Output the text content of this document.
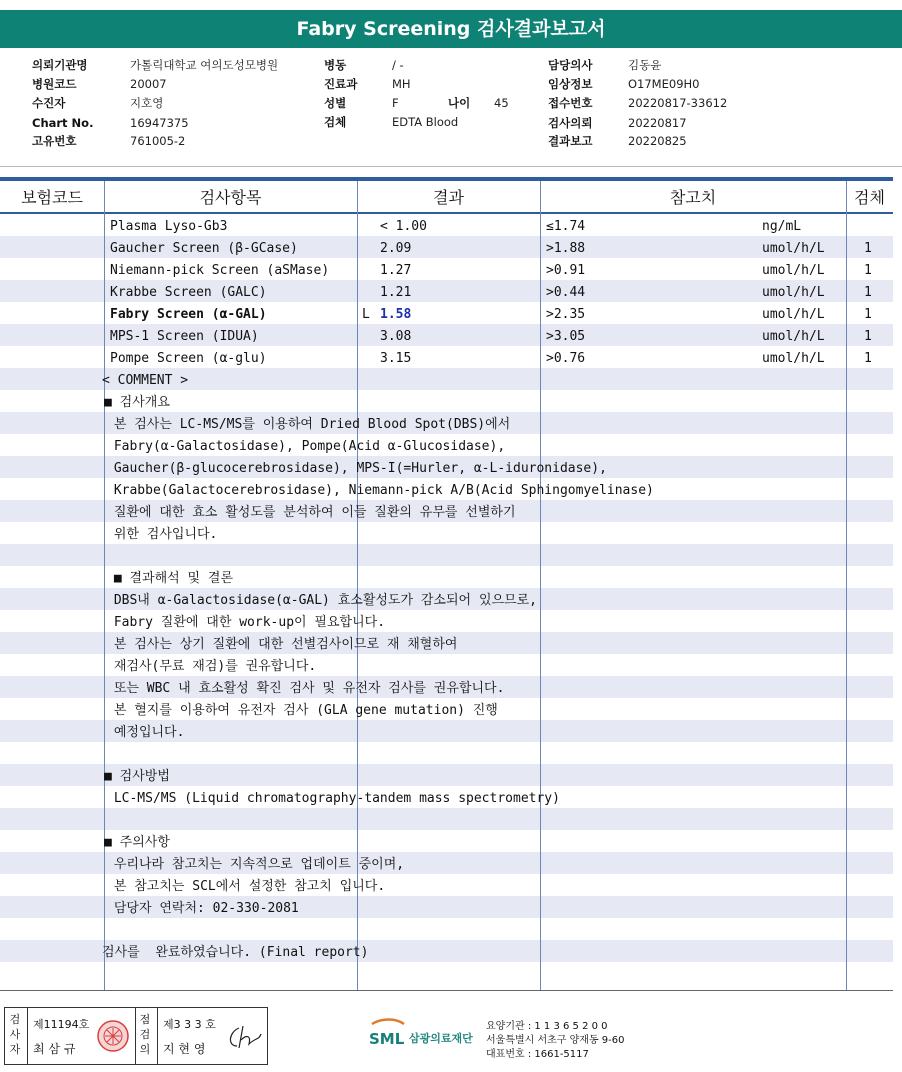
Fabry Screening 검사결과보고서
의뢰기관명	가톨릭대학교 여의도성모병원
병원코드	20007
수진자	지호영
Chart No.	16947375
고유번호	761005-2
병동	/ -
진료과	MH
성별	F	나이 45
검체	EDTA Blood
담당의사	김동윤
임상정보	O17ME09H0
접수번호	20220817-33612
검사의뢰	20220817
결과보고	20220825
보험코드	검사항목	결과	참고치	검체
Plasma Lyso-Gb3	< 1.00	≤1.74	ng/mL
Gaucher Screen (β-GCase)	2.09	>1.88	umol/h/L	1
Niemann-pick Screen (aSMase)	1.27	>0.91	umol/h/L	1
Krabbe Screen (GALC)	1.21	>0.44	umol/h/L	1
Fabry Screen (α-GAL)	L 1.58	>2.35	umol/h/L	1
MPS-1 Screen (IDUA)	3.08	>3.05	umol/h/L	1
Pompe Screen (α-glu)	3.15	>0.76	umol/h/L	1
< COMMENT >
■ 검사개요
본 검사는 LC-MS/MS를 이용하여 Dried Blood Spot(DBS)에서
Fabry(α-Galactosidase), Pompe(Acid α-Glucosidase),
Gaucher(β-glucocerebrosidase), MPS-I(=Hurler, α-L-iduronidase),
Krabbe(Galactocerebrosidase), Niemann-pick A/B(Acid Sphingomyelinase)
질환에 대한 효소 활성도를 분석하여 이들 질환의 유무를 선별하기
위한 검사입니다.
■ 결과해석 및 결론
DBS내 α-Galactosidase(α-GAL) 효소활성도가 감소되어 있으므로,
Fabry 질환에 대한 work-up이 필요합니다.
본 검사는 상기 질환에 대한 선별검사이므로 재 채혈하여
재검사(무료 재검)를 권유합니다.
또는 WBC 내 효소활성 확진 검사 및 유전자 검사를 권유합니다.
본 혈지를 이용하여 유전자 검사 (GLA gene mutation) 진행
예정입니다.
■ 검사방법
LC-MS/MS (Liquid chromatography-tandem mass spectrometry)
■ 주의사항
우리나라 참고치는 지속적으로 업데이트 중이며,
본 참고치는 SCL에서 설정한 참고치 입니다.
담당자 연락처: 02-330-2081
검사를  완료하였습니다. (Final report)
검사자
제11194호
최 삼 규
점검의
제3 3 3 호
지 현 영
SML 삼광의료재단
요양기관 : 1 1 3 6 5 2 0 0
서울특별시 서초구 양재동 9-60
대표번호 : 1661-5117
